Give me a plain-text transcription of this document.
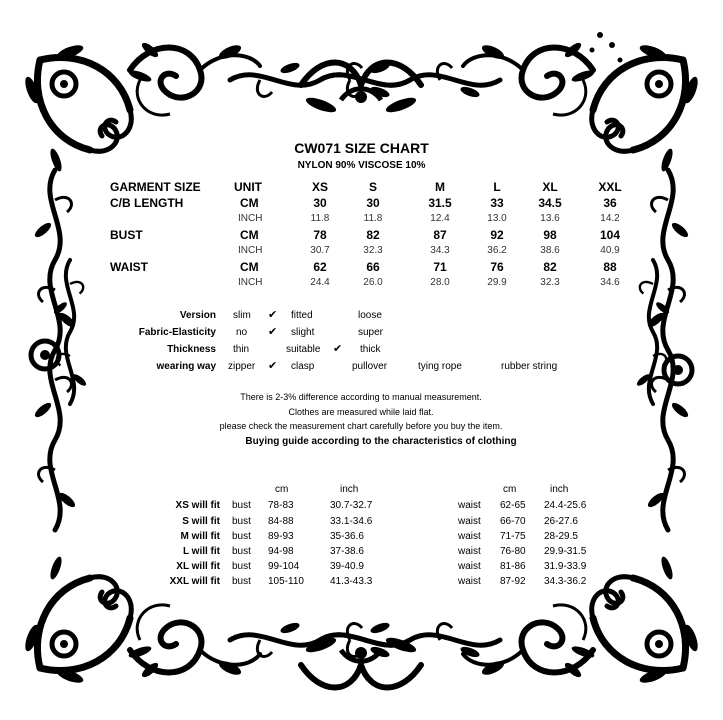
CW071 SIZE CHART
NYLON 90% VISCOSE 10%
GARMENT SIZE	UNIT	XS	S	M	L	XL	XXL
C/B LENGTH	CM	30	30	31.5	33	34.5	36
INCH	11.8	11.8	12.4	13.0	13.6	14.2
BUST	CM	78	82	87	92	98	104
INCH	30.7	32.3	34.3	36.2	38.6	40.9
WAIST	CM	62	66	71	76	82	88
INCH	24.4	26.0	28.0	29.9	32.3	34.6
Version slim ✔ fitted	loose
Fabric-Elasticity no ✔ slight	super
Thickness thin	suitable ✔ thick
wearing way zipper ✔ clasp	pullover	tying rope	rubber string
There is 2-3% difference according to manual measurement.
Clothes are measured while laid flat.
please check the measurement chart carefully before you buy the item.
Buying guide according to the characteristics of clothing
cm	inch	cm	inch
XS will fit bust 78-83	30.7-32.7	waist 62-65 24.4-25.6
S will fit bust 84-88	33.1-34.6	waist 66-70 26-27.6
M will fit bust 89-93	35-36.6	waist 71-75 28-29.5
L will fit bust 94-98	37-38.6	waist 76-80 29.9-31.5
XL will fit bust 99-104	39-40.9	waist 81-86 31.9-33.9
XXL will fit bust 105-110	41.3-43.3	waist 87-92 34.3-36.2
